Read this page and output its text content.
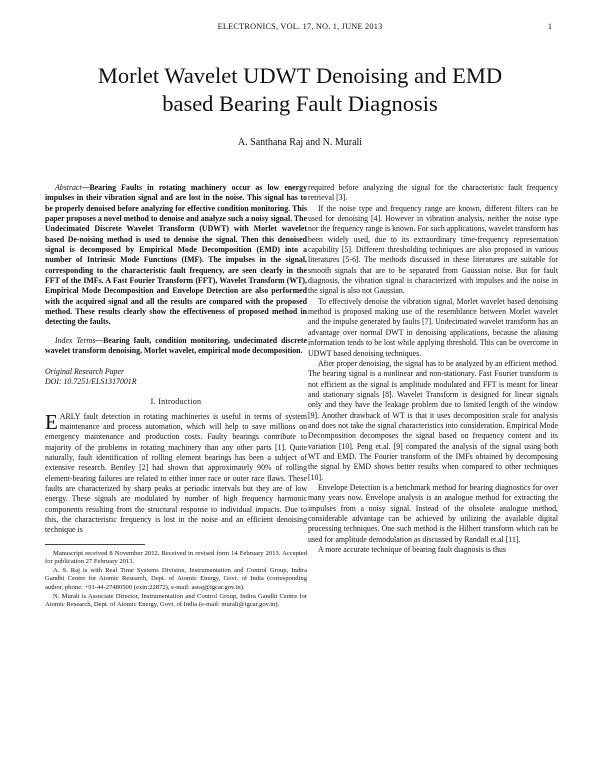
ELECTRONICS, VOL. 17, NO. 1, JUNE 2013	1
Morlet Wavelet UDWT Denoising and EMD
based Bearing Fault Diagnosis
A. Santhana Raj and N. Murali

Abstract—Bearing Faults in rotating machinery occur as low energy impulses in their vibration signal and are lost in the noise. This signal has to be properly denoised before analyzing for effective condition monitoring. This paper proposes a novel method to denoise and analyze such a noisy signal. The Undecimated Discrete Wavelet Transform (UDWT) with Morlet wavelet based De-noising method is used to denoise the signal. Then this denoised signal is decomposed by Empirical Mode Decomposition (EMD) into a number of Intrinsic Mode Functions (IMF). The impulses in the signal, corresponding to the characteristic fault frequency, are seen clearly in the FFT of the IMFs. A Fast Fourier Transform (FFT), Wavelet Transform (WT), Empirical Mode Decomposition and Envelope Detection are also performed with the acquired signal and all the results are compared with the proposed method. These results clearly show the effectiveness of proposed method in detecting the faults.

Index Terms—Bearing fault, condition monitoring, undecimated discrete wavelet transform denoising, Morlet wavelet, empirical mode decomposition.

Original Research Paper

DOI: 10.7251/ELS1317001R

I. Introduction

EARLY fault detection in rotating machineries is useful in terms of system maintenance and process automation, which will help to save millions on emergency maintenance and production costs. Faulty bearings contribute to majority of the problems in rotating machinery than any other parts [1]. Quite naturally, fault identification of rolling element bearings has been a subject of extensive research. Bentley [2] had shown that approximately 90% of rolling element-bearing failures are related to either inner race or outer race flaws. These faults are characterized by sharp peaks at periodic intervals but they are of low energy. These signals are modulated by number of high frequency harmonic components resulting from the structural response to individual impacts. Due to this, the characteristic frequency is lost in the noise and an efficient denoising technique is

Manuscript received 8 November 2012. Received in revised form 14 February 2013. Accepted for publication 27 February 2013.

A. S. Raj is with Real Time Systems Division, Instrumentation and Control Group, Indira Gandhi Centre for Atomic Research, Dept. of Atomic Energy, Govt. of India (corresponding author, phone: +91-44-27480500 (extn:22872), e-mail: asraj@igcar.gov.in).

N. Murali is Associate Director, Instrumentation and Control Group, Indira Gandhi Centre for Atomic Research, Dept. of Atomic Energy, Govt. of India (e-mail: murali@igcar.gov.in).

required before analyzing the signal for the characteristic fault frequency retrieval [3].

If the noise type and frequency range are known, different filters can be used for denoising [4]. However in vibration analysis, neither the noise type nor the frequency range is known. For such applications, wavelet transform has been widely used, due to its extraordinary time-frequency representation capability [5]. Different thresholding techniques are also proposed in various literatures [5-6]. The methods discussed in these literatures are suitable for smooth signals that are to be separated from Gaussian noise. But for fault diagnosis, the vibration signal is characterized with impulses and the noise in the signal is also not Gaussian.

To effectively denoise the vibration signal, Morlet wavelet based denoising method is proposed making use of the resemblance between Morlet wavelet and the impulse generated by faults [7]. Undecimated wavelet transform has an advantage over normal DWT in denoising applications, because the aliasing information tends to be lost while applying threshold. This can be overcome in UDWT based denoising techniques.

After proper denoising, the signal has to be analyzed by an efficient method. The bearing signal is a nonlinear and non-stationary. Fast Fourier transform is not efficient as the signal is amplitude modulated and FFT is meant for linear and stationary signals [8]. Wavelet Transform is designed for linear signals only and they have the leakage problem due to limited length of the window [9]. Another drawback of WT is that it uses decomposition scale for analysis and does not take the signal characteristics into consideration. Empirical Mode Decomposition decomposes the signal based on frequency content and its variation [10]. Peng et.al. [9] compared the analysis of the signal using both WT and EMD. The Fourier transform of the IMFs obtained by decomposing the signal by EMD shows better results when compared to other techniques [10].

Envelope Detection is a benchmark method for bearing diagnostics for over many years now. Envelope analysis is an analogue method for extracting the impulses from a noisy signal. Instead of the obsolete analogue method, considerable advantage can be achieved by utilizing the available digital processing techniques. One such method is the Hilbert transform which can be used for amplitude demodulation as discussed by Randall et.al [11].

A more accurate technique of bearing fault diagnosis is thus
